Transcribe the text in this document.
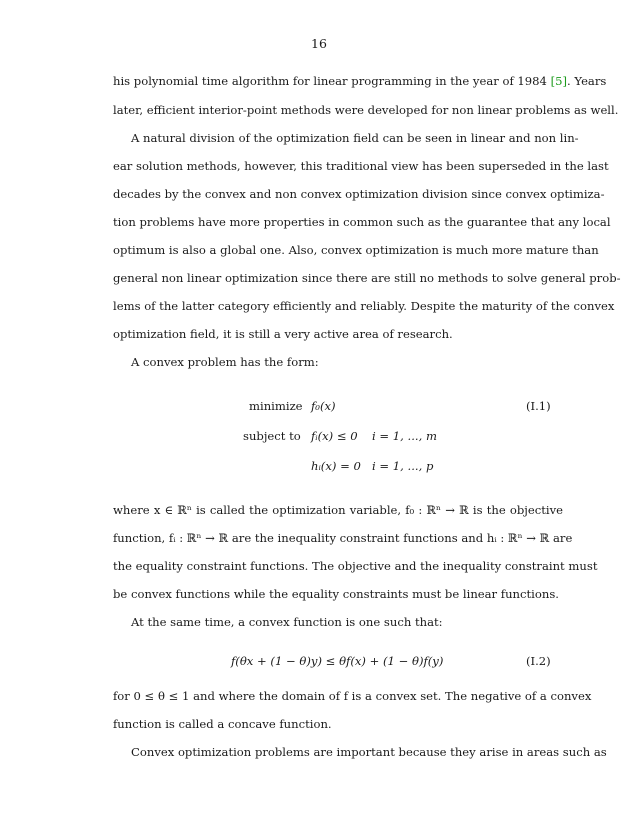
16
his polynomial time algorithm for linear programming in the year of 1984 [5]. Years
later, efficient interior-point methods were developed for non linear problems as well.
A natural division of the optimization field can be seen in linear and non lin-
ear solution methods, however, this traditional view has been superseded in the last
decades by the convex and non convex optimization division since convex optimiza-
tion problems have more properties in common such as the guarantee that any local
optimum is also a global one. Also, convex optimization is much more mature than
general non linear optimization since there are still no methods to solve general prob-
lems of the latter category efficiently and reliably. Despite the maturity of the convex
optimization field, it is still a very active area of research.
A convex problem has the form:
minimize f₀(x)	(I.1)
subject to fᵢ(x) ≤ 0 i = 1, ..., m
hᵢ(x) = 0 i = 1, ..., p
where x ∈ ℝⁿ is called the optimization variable, f₀ : ℝⁿ → ℝ is the objective
function, fᵢ : ℝⁿ → ℝ are the inequality constraint functions and hᵢ : ℝⁿ → ℝ are
the equality constraint functions. The objective and the inequality constraint must
be convex functions while the equality constraints must be linear functions.
At the same time, a convex function is one such that:
f(θx + (1 − θ)y) ≤ θf(x) + (1 − θ)f(y)	(I.2)
for 0 ≤ θ ≤ 1 and where the domain of f is a convex set. The negative of a convex
function is called a concave function.
Convex optimization problems are important because they arise in areas such as
